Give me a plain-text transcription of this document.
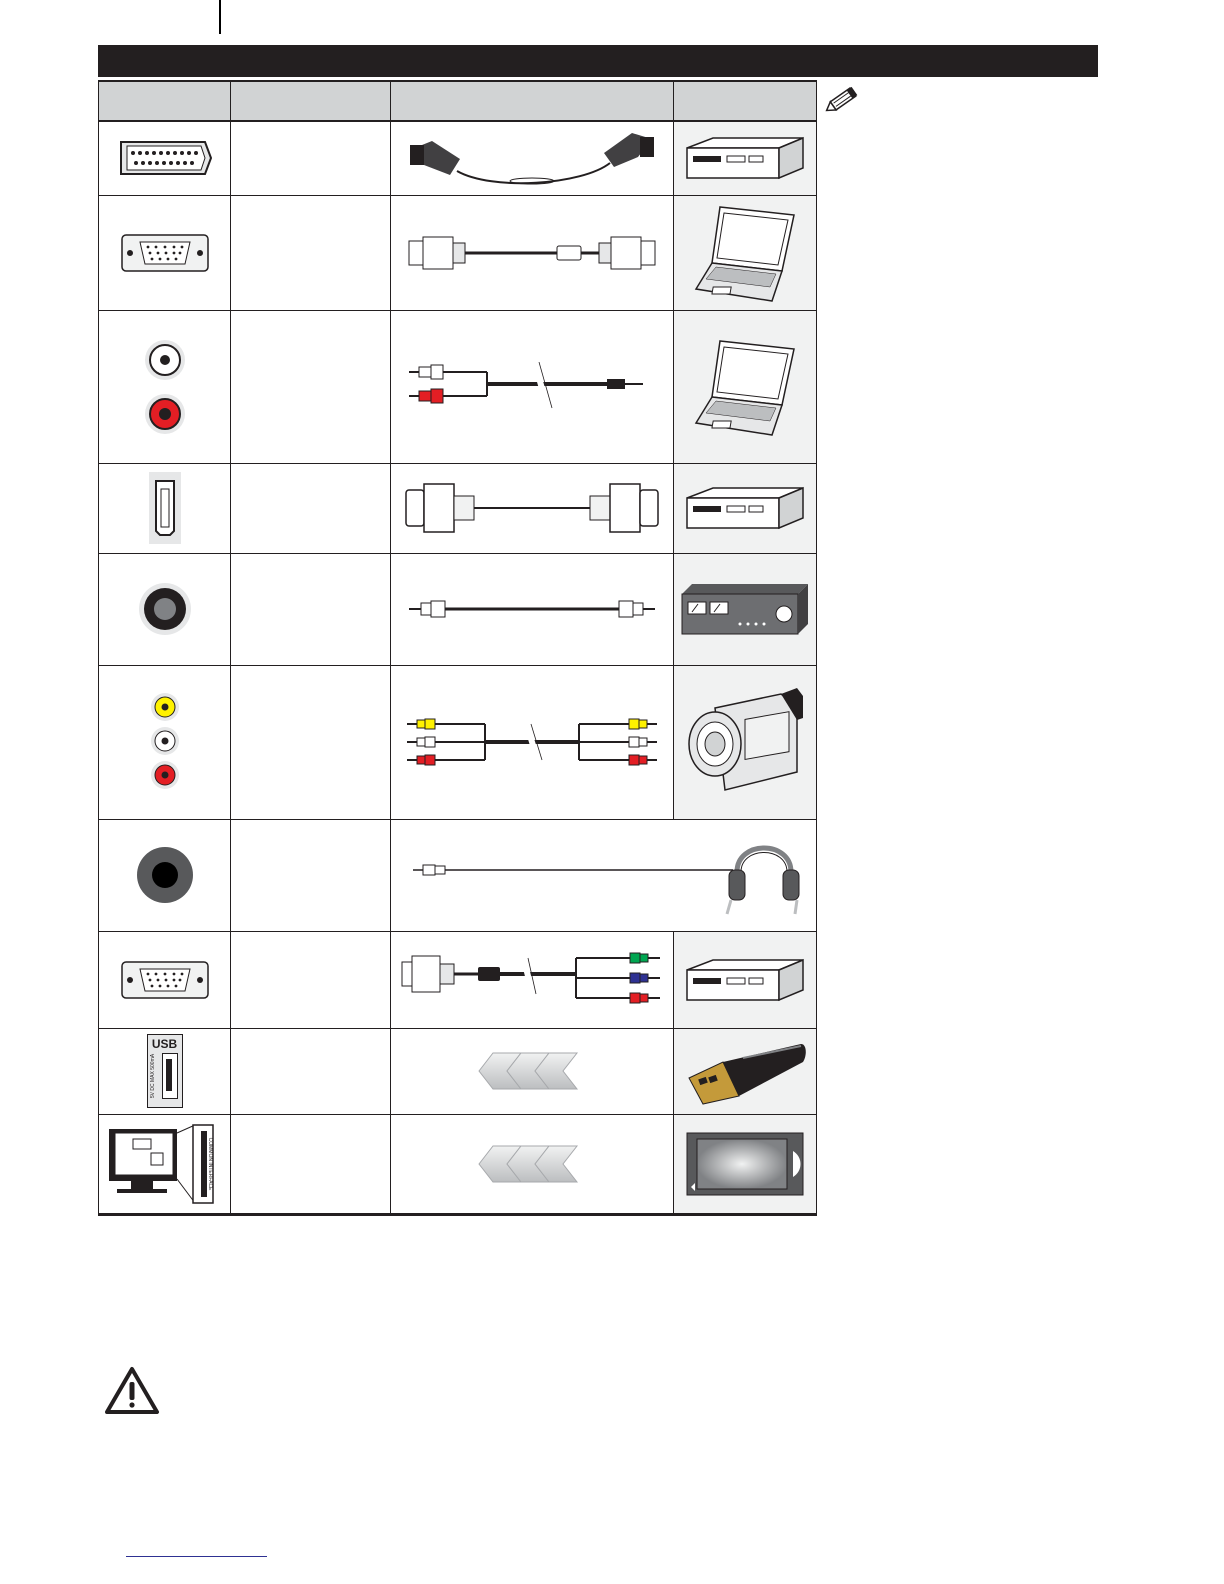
USB
5V DC MAX 500mA

COMMON INTERFACE
